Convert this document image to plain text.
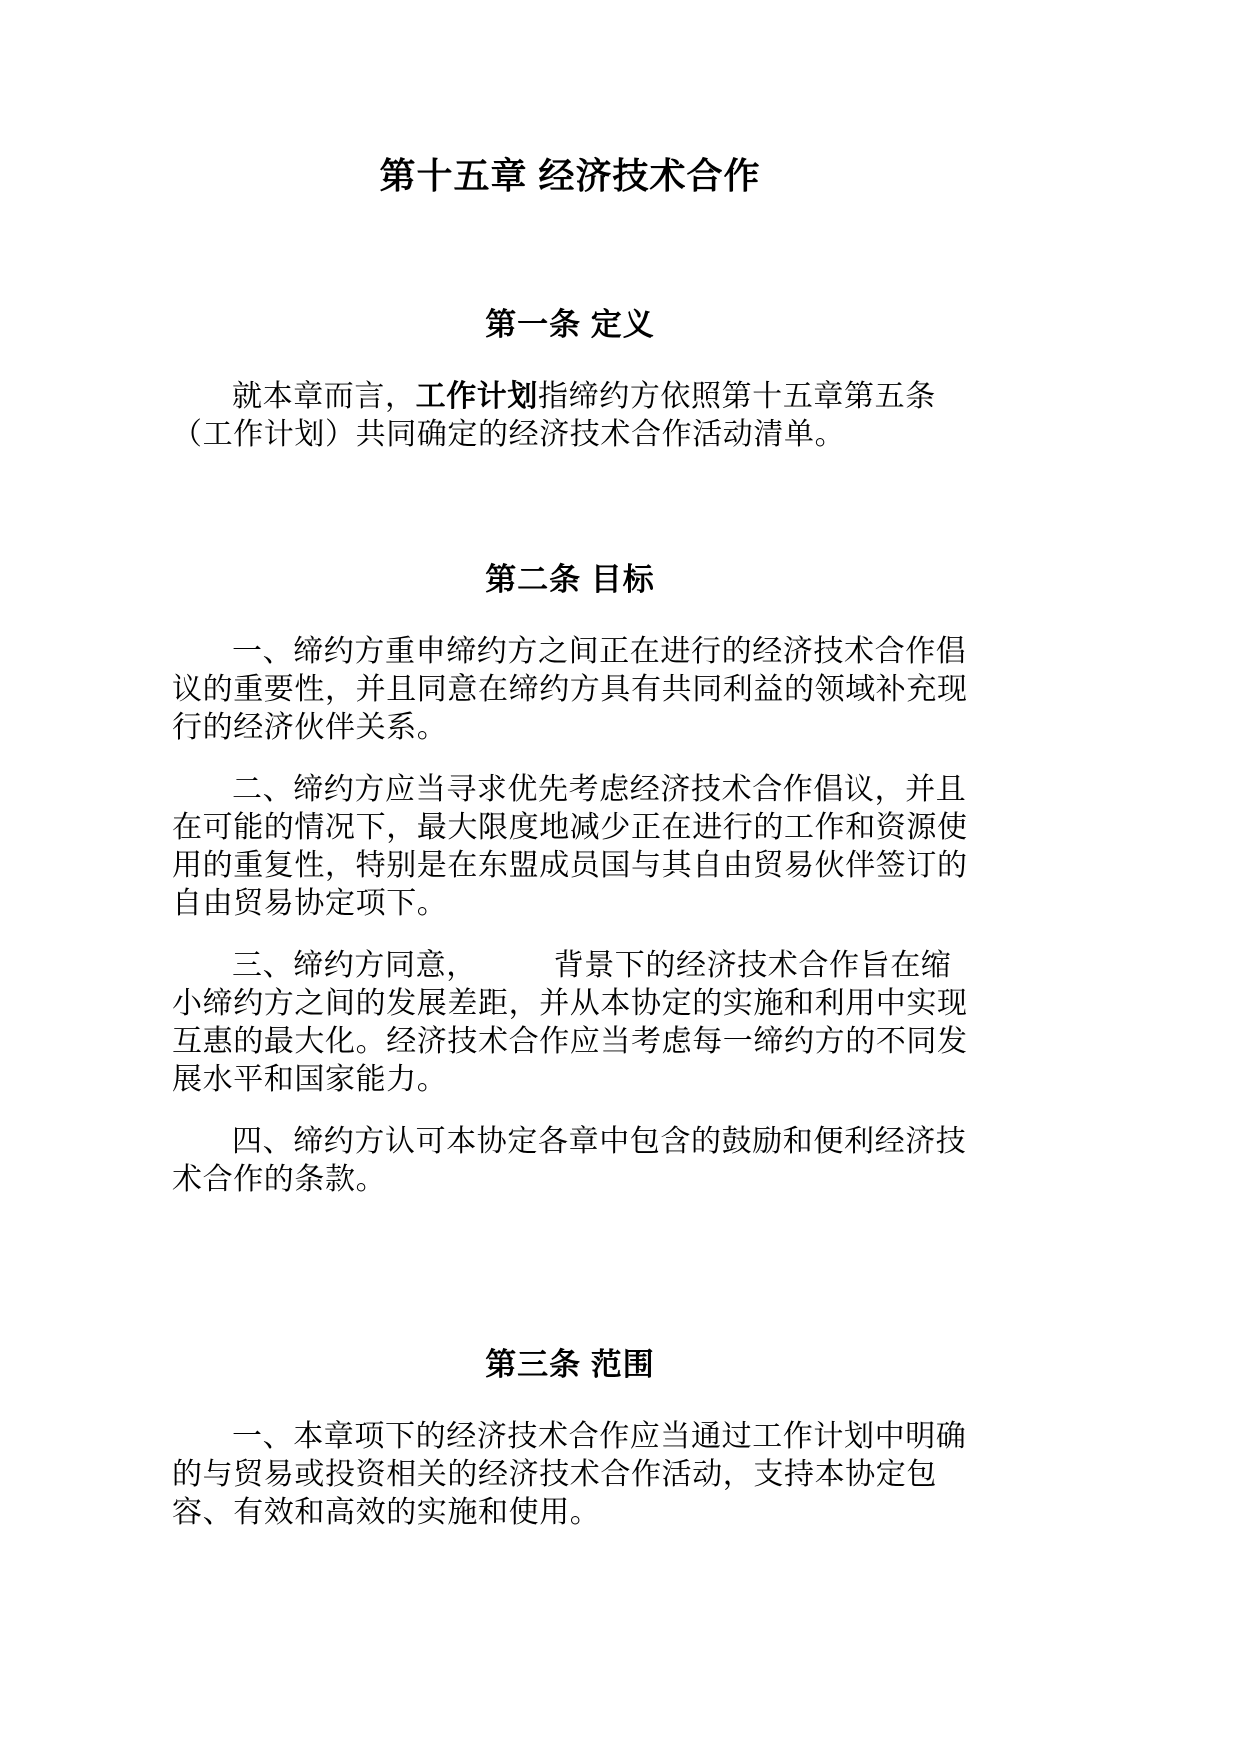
第十五章 经济技术合作
第一条 定义

就本章而言，工作计划指缔约方依照第十五章第五条（工作计划）共同确定的经济技术合作活动清单。

第二条 目标

一、缔约方重申缔约方之间正在进行的经济技术合作倡议的重要性，并且同意在缔约方具有共同利益的领域补充现行的经济伙伴关系。

二、缔约方应当寻求优先考虑经济技术合作倡议，并且在可能的情况下，最大限度地减少正在进行的工作和资源使用的重复性，特别是在东盟成员国与其自由贸易伙伴签订的自由贸易协定项下。

三、缔约方同意，　　　背景下的经济技术合作旨在缩小缔约方之间的发展差距，并从本协定的实施和利用中实现互惠的最大化。经济技术合作应当考虑每一缔约方的不同发展水平和国家能力。

四、缔约方认可本协定各章中包含的鼓励和便利经济技术合作的条款。

第三条 范围

一、本章项下的经济技术合作应当通过工作计划中明确的与贸易或投资相关的经济技术合作活动，支持本协定包容、有效和高效的实施和使用。
